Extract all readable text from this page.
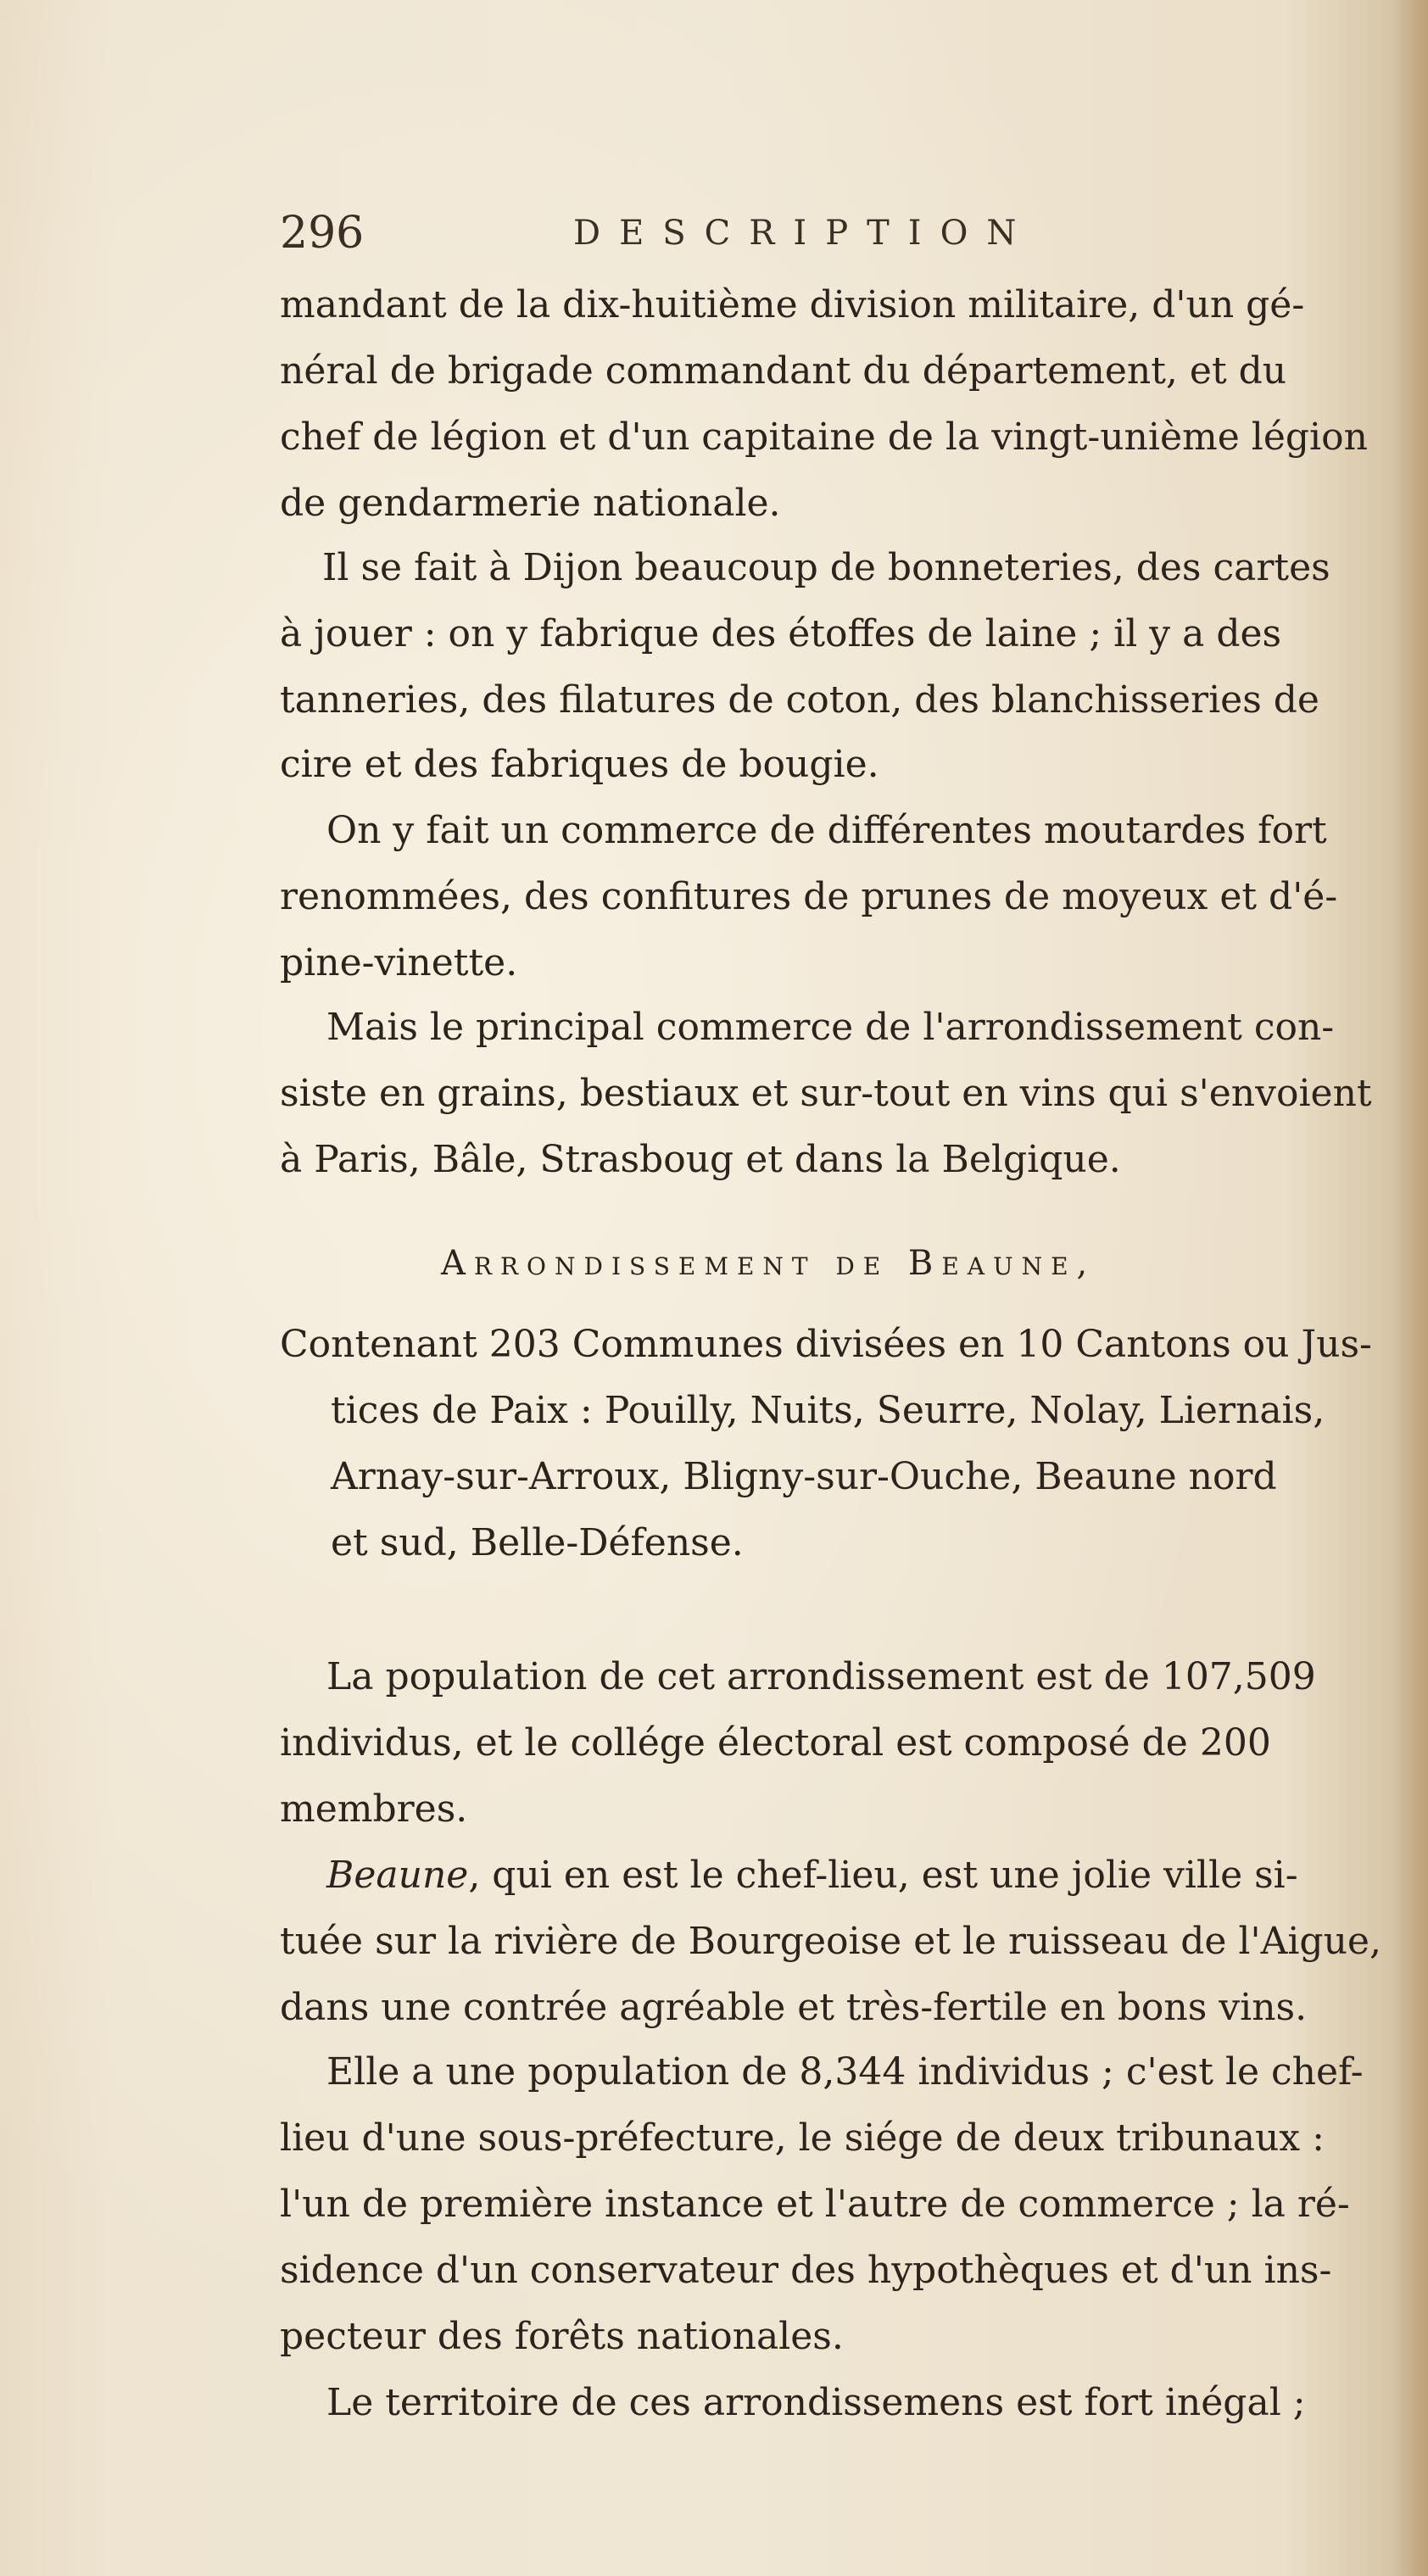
296	DESCRIPTION
mandant de la dix-huitième division militaire, d'un gé-
néral de brigade commandant du département, et du
chef de légion et d'un capitaine de la vingt-unième légion
de gendarmerie nationale.
Il se fait à Dijon beaucoup de bonneteries, des cartes
à jouer : on y fabrique des étoffes de laine ; il y a des
tanneries, des filatures de coton, des blanchisseries de
cire et des fabriques de bougie.
On y fait un commerce de différentes moutardes fort
renommées, des confitures de prunes de moyeux et d'é-
pine-vinette.
Mais le principal commerce de l'arrondissement con-
siste en grains, bestiaux et sur-tout en vins qui s'envoient
à Paris, Bâle, Strasboug et dans la Belgique.
Arrondissement de Beaune,
Contenant 203 Communes divisées en 10 Cantons ou Jus-
tices de Paix : Pouilly, Nuits, Seurre, Nolay, Liernais,
Arnay-sur-Arroux, Bligny-sur-Ouche, Beaune nord
et sud, Belle-Défense.
La population de cet arrondissement est de 107,509
individus, et le collége électoral est composé de 200
membres.
Beaune, qui en est le chef-lieu, est une jolie ville si-
tuée sur la rivière de Bourgeoise et le ruisseau de l'Aigue,
dans une contrée agréable et très-fertile en bons vins.
Elle a une population de 8,344 individus ; c'est le chef-
lieu d'une sous-préfecture, le siége de deux tribunaux :
l'un de première instance et l'autre de commerce ; la ré-
sidence d'un conservateur des hypothèques et d'un ins-
pecteur des forêts nationales.
Le territoire de ces arrondissemens est fort inégal ;
